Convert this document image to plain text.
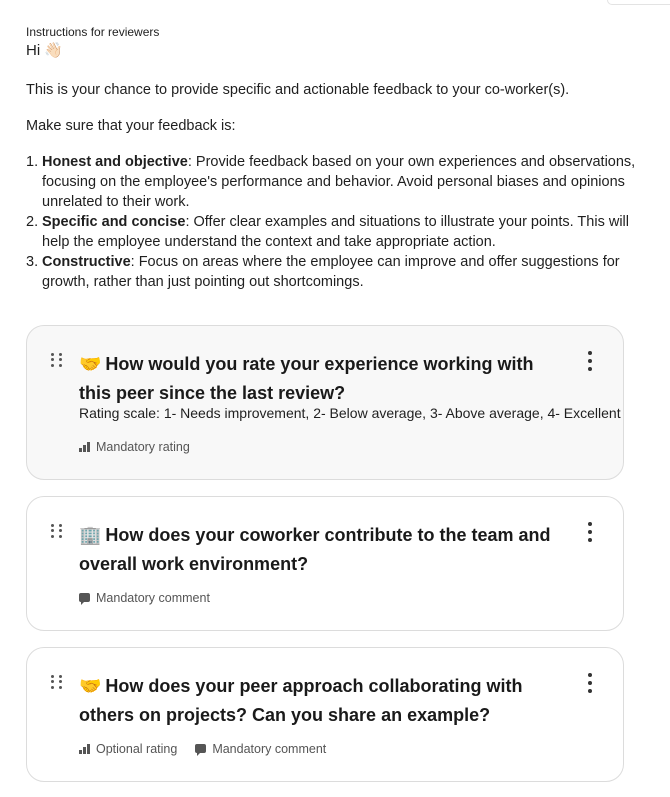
Instructions for reviewers
Hi 👋🏻

This is your chance to provide specific and actionable feedback to your co-worker(s).

Make sure that your feedback is:

1. Honest and objective: Provide feedback based on your own experiences and observations, focusing on the employee's performance and behavior. Avoid personal biases and opinions unrelated to their work.
2. Specific and concise: Offer clear examples and situations to illustrate your points. This will help the employee understand the context and take appropriate action.
3. Constructive: Focus on areas where the employee can improve and offer suggestions for growth, rather than just pointing out shortcomings.
🤝 How would you rate your experience working with this peer since the last review?
Rating scale: 1- Needs improvement, 2- Below average, 3- Above average, 4- Excellent
Mandatory rating
🏢 How does your coworker contribute to the team and overall work environment?
Mandatory comment
🤝 How does your peer approach collaborating with others on projects? Can you share an example?
Optional rating	Mandatory comment
